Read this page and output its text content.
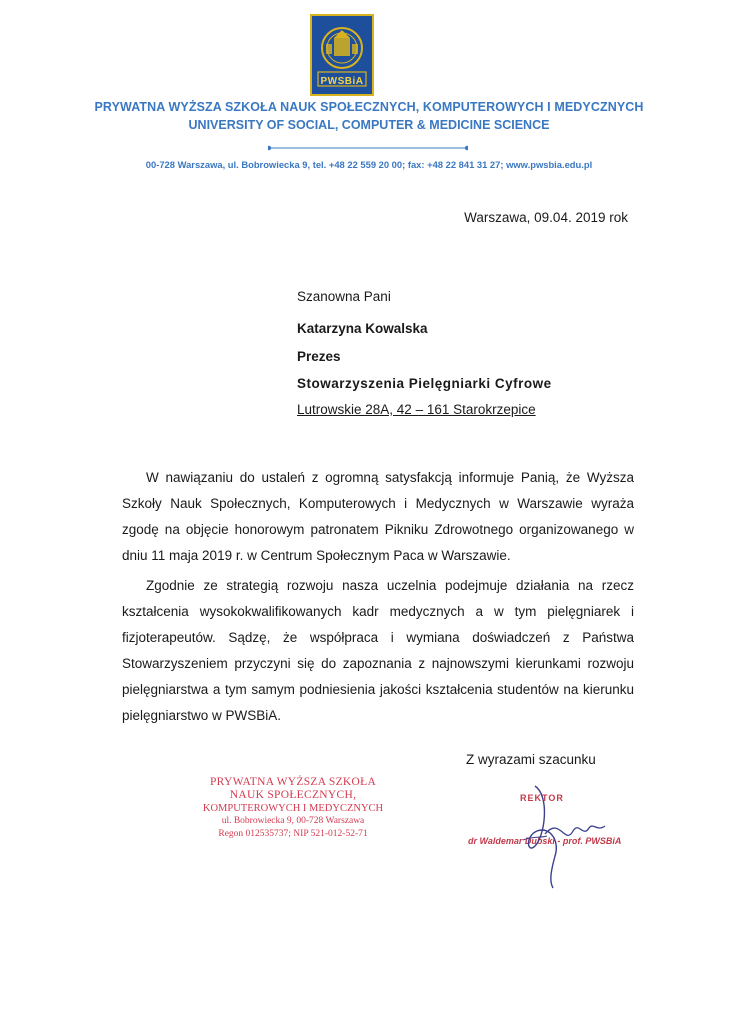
PWSBiA
PRYWATNA WYŻSZA SZKOŁA NAUK SPOŁECZNYCH, KOMPUTEROWYCH I MEDYCZNYCH
UNIVERSITY OF SOCIAL, COMPUTER & MEDICINE SCIENCE
00-728 Warszawa, ul. Bobrowiecka 9, tel. +48 22 559 20 00; fax: +48 22 841 31 27; www.pwsbia.edu.pl
Warszawa, 09.04. 2019 rok
Szanowna Pani
Katarzyna Kowalska
Prezes
Stowarzyszenia Pielęgniarki Cyfrowe
Lutrowskie 28A, 42 – 161 Starokrzepice
W nawiązaniu do ustaleń z ogromną satysfakcją informuje Panią, że Wyższa Szkoły Nauk Społecznych, Komputerowych i Medycznych w Warszawie wyraża zgodę na objęcie honorowym patronatem Pikniku Zdrowotnego organizowanego w dniu 11 maja 2019 r. w Centrum Społecznym Paca w Warszawie.
Zgodnie ze strategią rozwoju nasza uczelnia podejmuje działania na rzecz kształcenia wysokokwalifikowanych kadr medycznych a w tym pielęgniarek i fizjoterapeutów. Sądzę, że współpraca i wymiana doświadczeń z Państwa Stowarzyszeniem przyczyni się do zapoznania z najnowszymi kierunkami rozwoju pielęgniarstwa a tym samym podniesienia jakości kształcenia studentów na kierunku pielęgniarstwo w PWSBiA.
Z wyrazami szacunku
PRYWATNA WYŻSZA SZKOŁA
NAUK SPOŁECZNYCH,
KOMPUTEROWYCH I MEDYCZNYCH
ul. Bobrowiecka 9, 00-728 Warszawa
Regon 012535737; NIP 521-012-52-71
REKTOR
dr Waldemar Dubski - prof. PWSBiA
